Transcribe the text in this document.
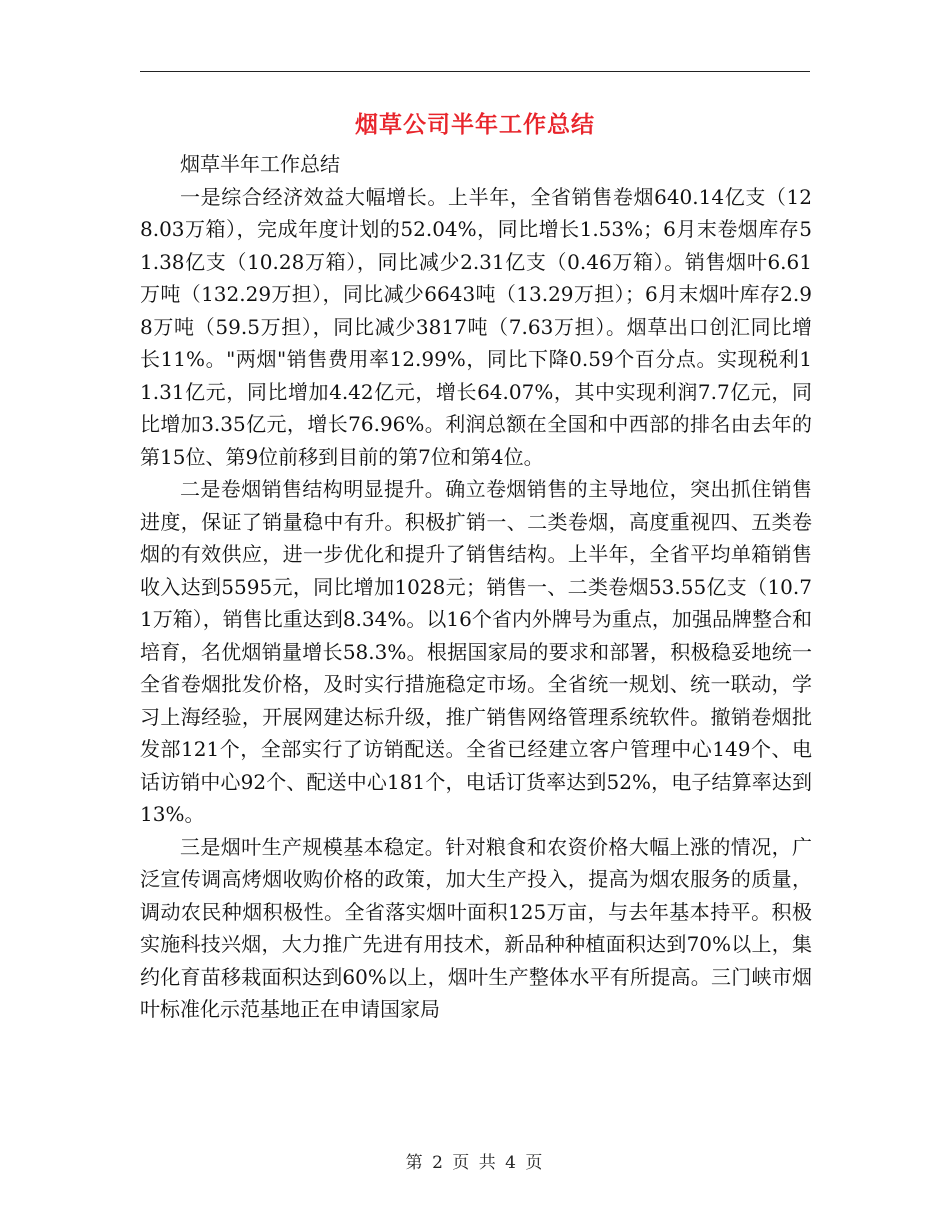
烟草公司半年工作总结

烟草半年工作总结

一是综合经济效益大幅增长。上半年，全省销售卷烟640.14亿支（128.03万箱），完成年度计划的52.04%，同比增长1.53%；6月末卷烟库存51.38亿支（10.28万箱），同比减少2.31亿支（0.46万箱）。销售烟叶6.61万吨（132.29万担），同比减少6643吨（13.29万担）；6月末烟叶库存2.98万吨（59.5万担），同比减少3817吨（7.63万担）。烟草出口创汇同比增长11%。"两烟"销售费用率12.99%，同比下降0.59个百分点。实现税利11.31亿元，同比增加4.42亿元，增长64.07%，其中实现利润7.7亿元，同比增加3.35亿元，增长76.96%。利润总额在全国和中西部的排名由去年的第15位、第9位前移到目前的第7位和第4位。

二是卷烟销售结构明显提升。确立卷烟销售的主导地位，突出抓住销售进度，保证了销量稳中有升。积极扩销一、二类卷烟，高度重视四、五类卷烟的有效供应，进一步优化和提升了销售结构。上半年，全省平均单箱销售收入达到5595元，同比增加1028元；销售一、二类卷烟53.55亿支（10.71万箱），销售比重达到8.34%。以16个省内外牌号为重点，加强品牌整合和培育，名优烟销量增长58.3%。根据国家局的要求和部署，积极稳妥地统一全省卷烟批发价格，及时实行措施稳定市场。全省统一规划、统一联动，学习上海经验，开展网建达标升级，推广销售网络管理系统软件。撤销卷烟批发部121个，全部实行了访销配送。全省已经建立客户管理中心149个、电话访销中心92个、配送中心181个，电话订货率达到52%，电子结算率达到13%。

三是烟叶生产规模基本稳定。针对粮食和农资价格大幅上涨的情况，广泛宣传调高烤烟收购价格的政策，加大生产投入，提高为烟农服务的质量，调动农民种烟积极性。全省落实烟叶面积125万亩，与去年基本持平。积极实施科技兴烟，大力推广先进有用技术，新品种种植面积达到70%以上，集约化育苗移栽面积达到60%以上，烟叶生产整体水平有所提高。三门峡市烟叶标准化示范基地正在申请国家局

第 2 页 共 4 页
